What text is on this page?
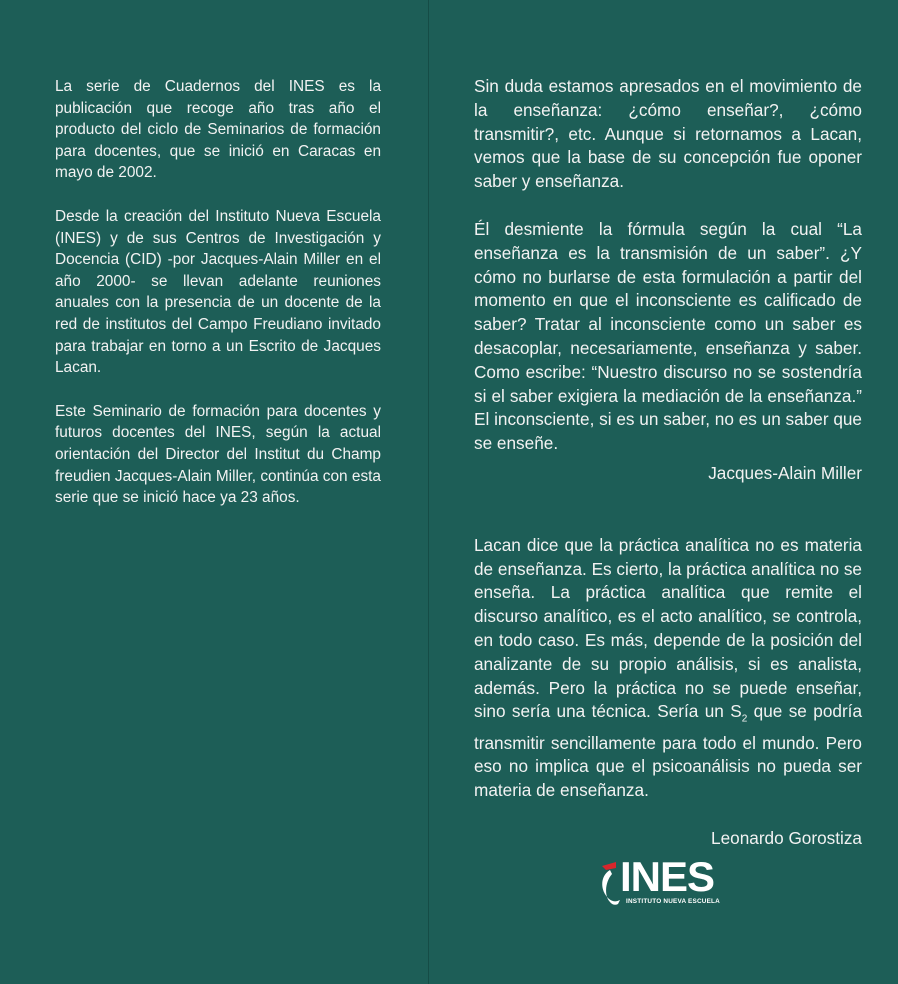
La serie de Cuadernos del INES es la publicación que recoge año tras año el producto del ciclo de Seminarios de formación para docentes, que se inició en Caracas en mayo de 2002.

Desde la creación del Instituto Nueva Escuela (INES) y de sus Centros de Investigación y Docencia (CID) -por Jacques-Alain Miller en el año 2000- se llevan adelante reuniones anuales con la presencia de un docente de la red de institutos del Campo Freudiano invitado para trabajar en torno a un Escrito de Jacques Lacan.

Este Seminario de formación para docentes y futuros docentes del INES, según la actual orientación del Director del Institut du Champ freudien Jacques-Alain Miller, continúa con esta serie que se inició hace ya 23 años.

Sin duda estamos apresados en el movimiento de la enseñanza: ¿cómo enseñar?, ¿cómo transmitir?, etc. Aunque si retornamos a Lacan, vemos que la base de su concepción fue oponer saber y enseñanza.

Él desmiente la fórmula según la cual “La enseñanza es la transmisión de un saber”. ¿Y cómo no burlarse de esta formulación a partir del momento en que el inconsciente es calificado de saber? Tratar al inconsciente como un saber es desacoplar, necesariamente, enseñanza y saber. Como escribe: “Nuestro discurso no se sostendría si el saber exigiera la mediación de la enseñanza.” El inconsciente, si es un saber, no es un saber que se enseñe.

Jacques-Alain Miller

Lacan dice que la práctica analítica no es materia de enseñanza. Es cierto, la práctica analítica no se enseña. La práctica analítica que remite el discurso analítico, es el acto analítico, se controla, en todo caso. Es más, depende de la posición del analizante de su propio análisis, si es analista, además. Pero la práctica no se puede enseñar, sino sería una técnica. Sería un $S_2$ que se podría transmitir sencillamente para todo el mundo. Pero eso no implica que el psicoanálisis no pueda ser materia de enseñanza.

Leonardo Gorostiza

INES
INSTITUTO NUEVA ESCUELA
